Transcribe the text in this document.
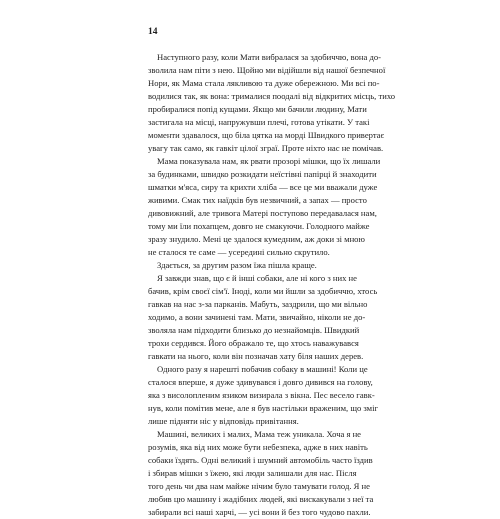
14
Наступного разу, коли Мати вибралася за здобиччю, вона до-
зволила нам піти з нею. Щойно ми відійшли від нашої безпечної
Нори, як Мама стала лякливою та дуже обережною. Ми всі по-
водилися так, як вона: трималися поодалі від відкритих місць, тихо
пробиралися попід кущами. Якщо ми бачили людину, Мати
застигала на місці, напружувши плечі, готова утікати. У такі
моменти здавалося, що біла цятка на морді Швидкого привертає
увагу так само, як гавкіт цілої зграї. Проте ніхто нас не помічав.
Мама показувала нам, як рвати прозорі мішки, що їх лишали
за будинками, швидко розкидати неїстівні папірці й знаходити
шматки м'яса, сиру та крихти хліба — все це ми вважали дуже
живими. Смак тих наїдків був незвичний, а запах — просто
дивовижний, але тривога Матері поступово передавалася нам,
тому ми їли похапцем, довго не смакуючи. Голодного майже
зразу знудило. Мені це здалося кумедним, аж доки зі мною
не сталося те саме — усередині сильно скрутило.
Здається, за другим разом їжа пішла краще.
Я завжди знав, що є й інші собаки, але ні кого з них не
бачив, крім своєї сім'ї. Іноді, коли ми йшли за здобиччю, хтось
гавкав на нас з-за парканів. Мабуть, заздрили, що ми вільно
ходимо, а вони зачинені там. Мати, звичайно, ніколи не до-
зволяла нам підходити близько до незнайомців. Швидкий
трохи сердився. Його ображало те, що хтось наважувався
гавкати на нього, коли він позначав хату біля наших дерев.
Одного разу я нарешті побачив собаку в машині! Коли це
сталося вперше, я дуже здивувався і довго дивився на голову,
яка з висолопленим язиком визирала з вікна. Пес весело гавк-
нув, коли помітив мене, але я був настільки враженим, що зміг
лише підняти ніс у відповідь привітання.
Машині, великих і малих, Мама теж уникала. Хоча я не
розумів, яка від них може бути небезпека, адже в них навіть
собаки їздять. Одні великий і шумний автомобіль часто їздив
і збирав мішки з їжею, які люди залишали для нас. Після
того день чи два нам майже нічим було тамувати голод. Я не
любив цю машину і жадібних людей, які вискакували з неї та
забирали всі наші харчі, — усі вони й без того чудово пахли.
